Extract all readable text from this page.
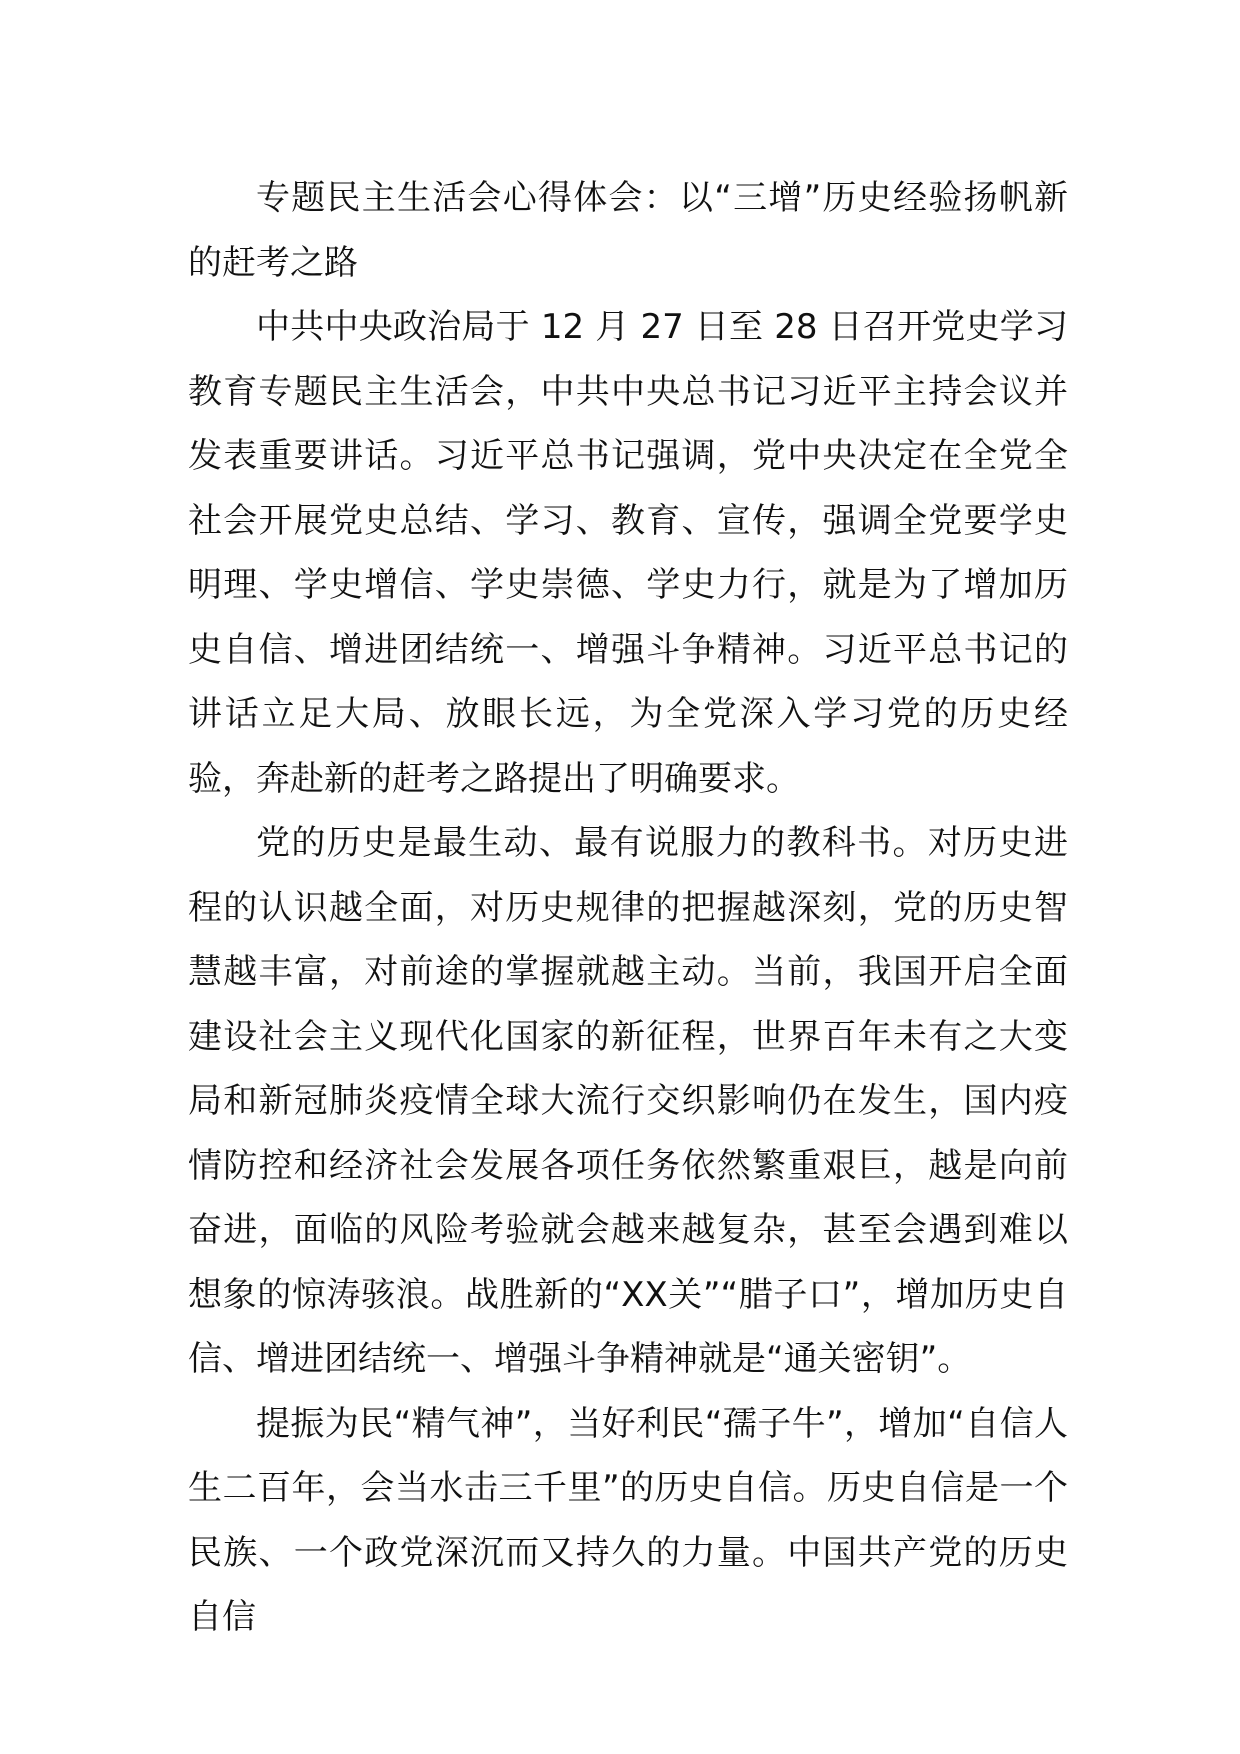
专题民主生活会心得体会：以“三增”历史经验扬帆新的赶考之路

中共中央政治局于 12 月 27 日至 28 日召开党史学习教育专题民主生活会，中共中央总书记习近平主持会议并发表重要讲话。习近平总书记强调，党中央决定在全党全社会开展党史总结、学习、教育、宣传，强调全党要学史明理、学史增信、学史崇德、学史力行，就是为了增加历史自信、增进团结统一、增强斗争精神。习近平总书记的讲话立足大局、放眼长远，为全党深入学习党的历史经验，奔赴新的赶考之路提出了明确要求。

党的历史是最生动、最有说服力的教科书。对历史进程的认识越全面，对历史规律的把握越深刻，党的历史智慧越丰富，对前途的掌握就越主动。当前，我国开启全面建设社会主义现代化国家的新征程，世界百年未有之大变局和新冠肺炎疫情全球大流行交织影响仍在发生，国内疫情防控和经济社会发展各项任务依然繁重艰巨，越是向前奋进，面临的风险考验就会越来越复杂，甚至会遇到难以想象的惊涛骇浪。战胜新的“XX关”“腊子口”，增加历史自信、增进团结统一、增强斗争精神就是“通关密钥”。

提振为民“精气神”，当好利民“孺子牛”，增加“自信人生二百年，会当水击三千里”的历史自信。历史自信是一个民族、一个政党深沉而又持久的力量。中国共产党的历史自信
